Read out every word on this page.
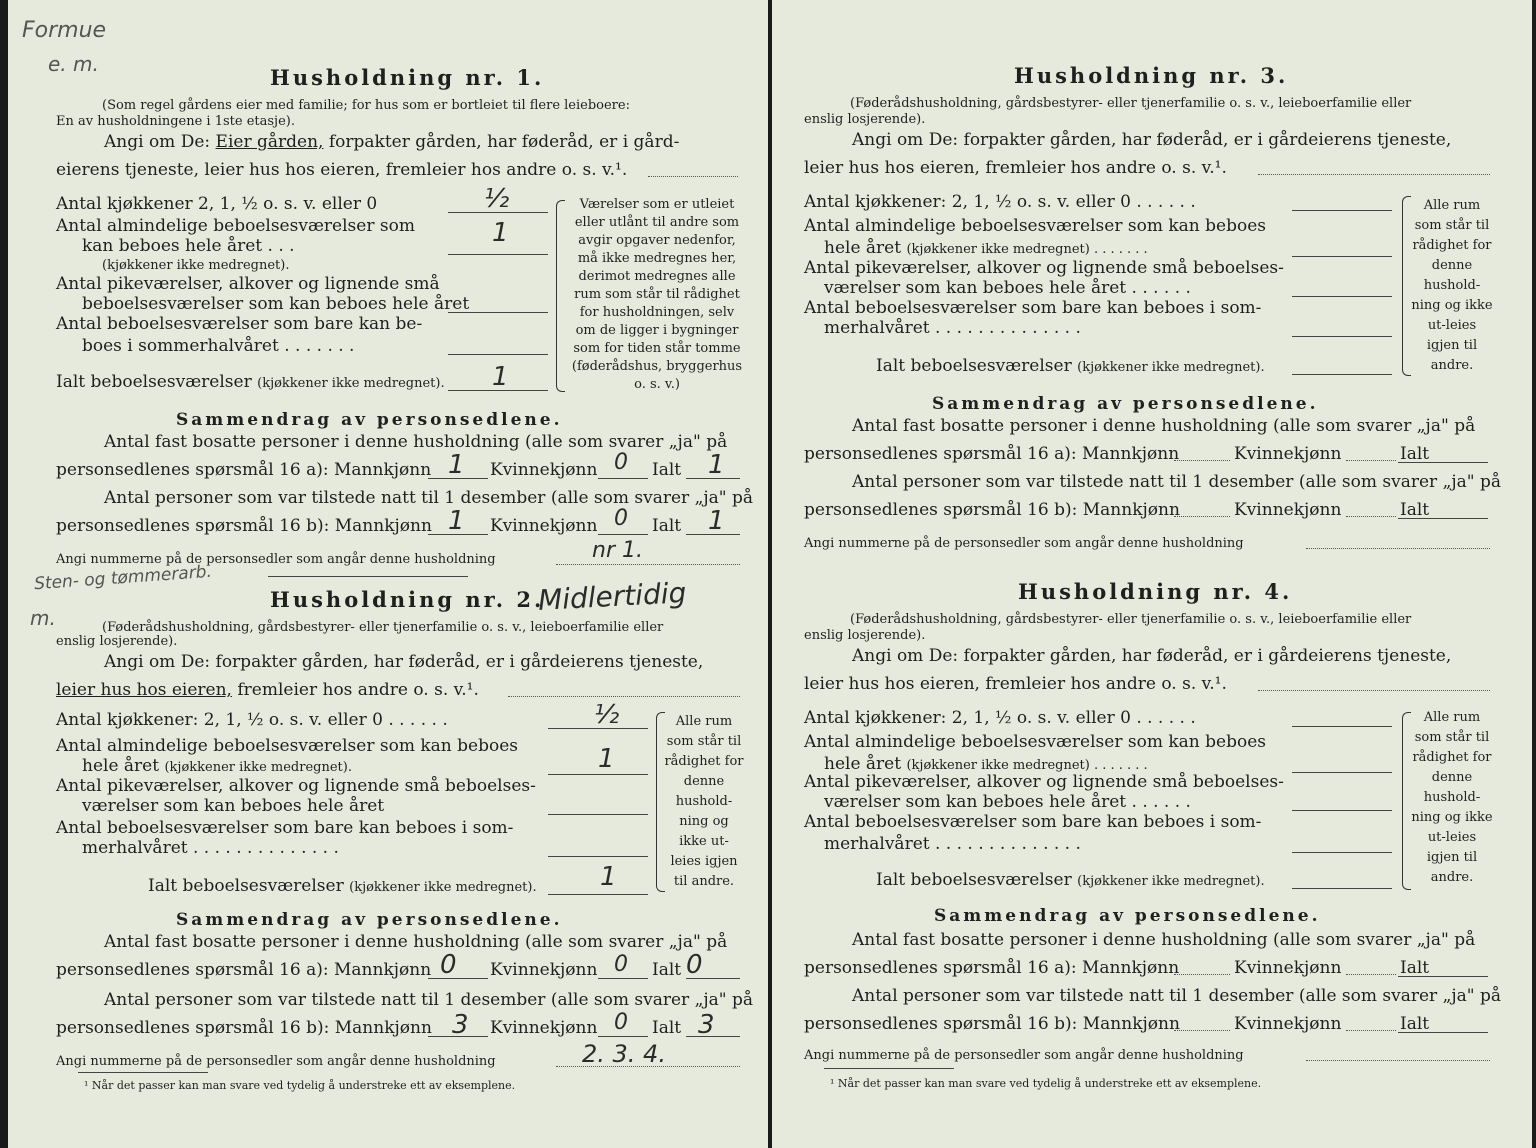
Formue
e. m.
Husholdning nr. 1.
(Som regel gårdens eier med familie; for hus som er bortleiet til flere leieboere:
En av husholdningene i 1ste etasje).
Angi om De: Eier gården, forpakter gården, har føderåd, er i gård-
eierens tjeneste, leier hus hos eieren, fremleier hos andre o. s. v.¹.
Antal kjøkkener 2, 1, ½ o. s. v. eller 0	½
Antal almindelige beboelsesværelser som
kan beboes hele året . . .	1
(kjøkkener ikke medregnet).
Antal pikeværelser, alkover og lignende små
beboelsesværelser som kan beboes hele året
Antal beboelsesværelser som bare kan be-
boes i sommerhalvåret . . . . . . .
Ialt beboelsesværelser (kjøkkener ikke medregnet). 1
Værelser som er utleiet eller utlånt til andre som avgir opgaver nedenfor, må ikke medregnes her, derimot medregnes alle rum som står til rådighet for husholdningen, selv om de ligger i bygninger som for tiden står tomme (føderådshus, bryggerhus o. s. v.)
Sammendrag av personsedlene.
Antal fast bosatte personer i denne husholdning (alle som svarer „ja" på
personsedlenes spørsmål 16 a): Mannkjønn 1 Kvinnekjønn 0 Ialt 1
Antal personer som var tilstede natt til 1 desember (alle som svarer „ja" på
personsedlenes spørsmål 16 b): Mannkjønn 1 Kvinnekjønn 0 Ialt 1
Angi nummerne på de personsedler som angår denne husholdning	nr 1.
Sten- og tømmerarb.
m.
Husholdning nr. 2.
Midlertidig
(Føderådshusholdning, gårdsbestyrer- eller tjenerfamilie o. s. v., leieboerfamilie eller
enslig losjerende).
Angi om De: forpakter gården, har føderåd, er i gårdeierens tjeneste,
leier hus hos eieren, fremleier hos andre o. s. v.¹.
Antal kjøkkener: 2, 1, ½ o. s. v. eller 0 . . . . . .	½
Antal almindelige beboelsesværelser som kan beboes
hele året (kjøkkener ikke medregnet).	1
Antal pikeværelser, alkover og lignende små beboelses-
værelser som kan beboes hele året
Antal beboelsesværelser som bare kan beboes i som-
merhalvåret . . . . . . . . . . . . . .
Ialt beboelsesværelser (kjøkkener ikke medregnet). 1
Alle rum som står til rådighet for denne hushold-ning og ikke ut-leies igjen til andre.
Sammendrag av personsedlene.
Antal fast bosatte personer i denne husholdning (alle som svarer „ja" på
personsedlenes spørsmål 16 a): Mannkjønn 0 Kvinnekjønn 0 Ialt 0
Antal personer som var tilstede natt til 1 desember (alle som svarer „ja" på
personsedlenes spørsmål 16 b): Mannkjønn 3 Kvinnekjønn 0 Ialt 3
Angi nummerne på de personsedler som angår denne husholdning	2. 3. 4.
¹ Når det passer kan man svare ved tydelig å understreke ett av eksemplene.
Husholdning nr. 3.
(Føderådshusholdning, gårdsbestyrer- eller tjenerfamilie o. s. v., leieboerfamilie eller
enslig losjerende).
Angi om De: forpakter gården, har føderåd, er i gårdeierens tjeneste,
leier hus hos eieren, fremleier hos andre o. s. v.¹.
Antal kjøkkener: 2, 1, ½ o. s. v. eller 0 . . . . . .
Antal almindelige beboelsesværelser som kan beboes
hele året (kjøkkener ikke medregnet) . . . . . . .
Antal pikeværelser, alkover og lignende små beboelses-
værelser som kan beboes hele året . . . . . .
Antal beboelsesværelser som bare kan beboes i som-
merhalvåret . . . . . . . . . . . . . .
Ialt beboelsesværelser (kjøkkener ikke medregnet).
Alle rum som står til rådighet for denne hushold-ning og ikke ut-leies igjen til andre.
Sammendrag av personsedlene.
Antal fast bosatte personer i denne husholdning (alle som svarer „ja" på
personsedlenes spørsmål 16 a): Mannkjønn	Kvinnekjønn	Ialt
Antal personer som var tilstede natt til 1 desember (alle som svarer „ja" på
personsedlenes spørsmål 16 b): Mannkjønn	Kvinnekjønn	Ialt
Angi nummerne på de personsedler som angår denne husholdning
Husholdning nr. 4.
(Føderådshusholdning, gårdsbestyrer- eller tjenerfamilie o. s. v., leieboerfamilie eller
enslig losjerende).
Angi om De: forpakter gården, har føderåd, er i gårdeierens tjeneste,
leier hus hos eieren, fremleier hos andre o. s. v.¹.
Antal kjøkkener: 2, 1, ½ o. s. v. eller 0 . . . . . .
Antal almindelige beboelsesværelser som kan beboes
hele året (kjøkkener ikke medregnet) . . . . . . .
Antal pikeværelser, alkover og lignende små beboelses-
værelser som kan beboes hele året . . . . . .
Antal beboelsesværelser som bare kan beboes i som-
merhalvåret . . . . . . . . . . . . . .
Ialt beboelsesværelser (kjøkkener ikke medregnet).
Alle rum som står til rådighet for denne hushold-ning og ikke ut-leies igjen til andre.
Sammendrag av personsedlene.
Antal fast bosatte personer i denne husholdning (alle som svarer „ja" på
personsedlenes spørsmål 16 a): Mannkjønn	Kvinnekjønn	Ialt
Antal personer som var tilstede natt til 1 desember (alle som svarer „ja" på
personsedlenes spørsmål 16 b): Mannkjønn	Kvinnekjønn	Ialt
Angi nummerne på de personsedler som angår denne husholdning
¹ Når det passer kan man svare ved tydelig å understreke ett av eksemplene.
